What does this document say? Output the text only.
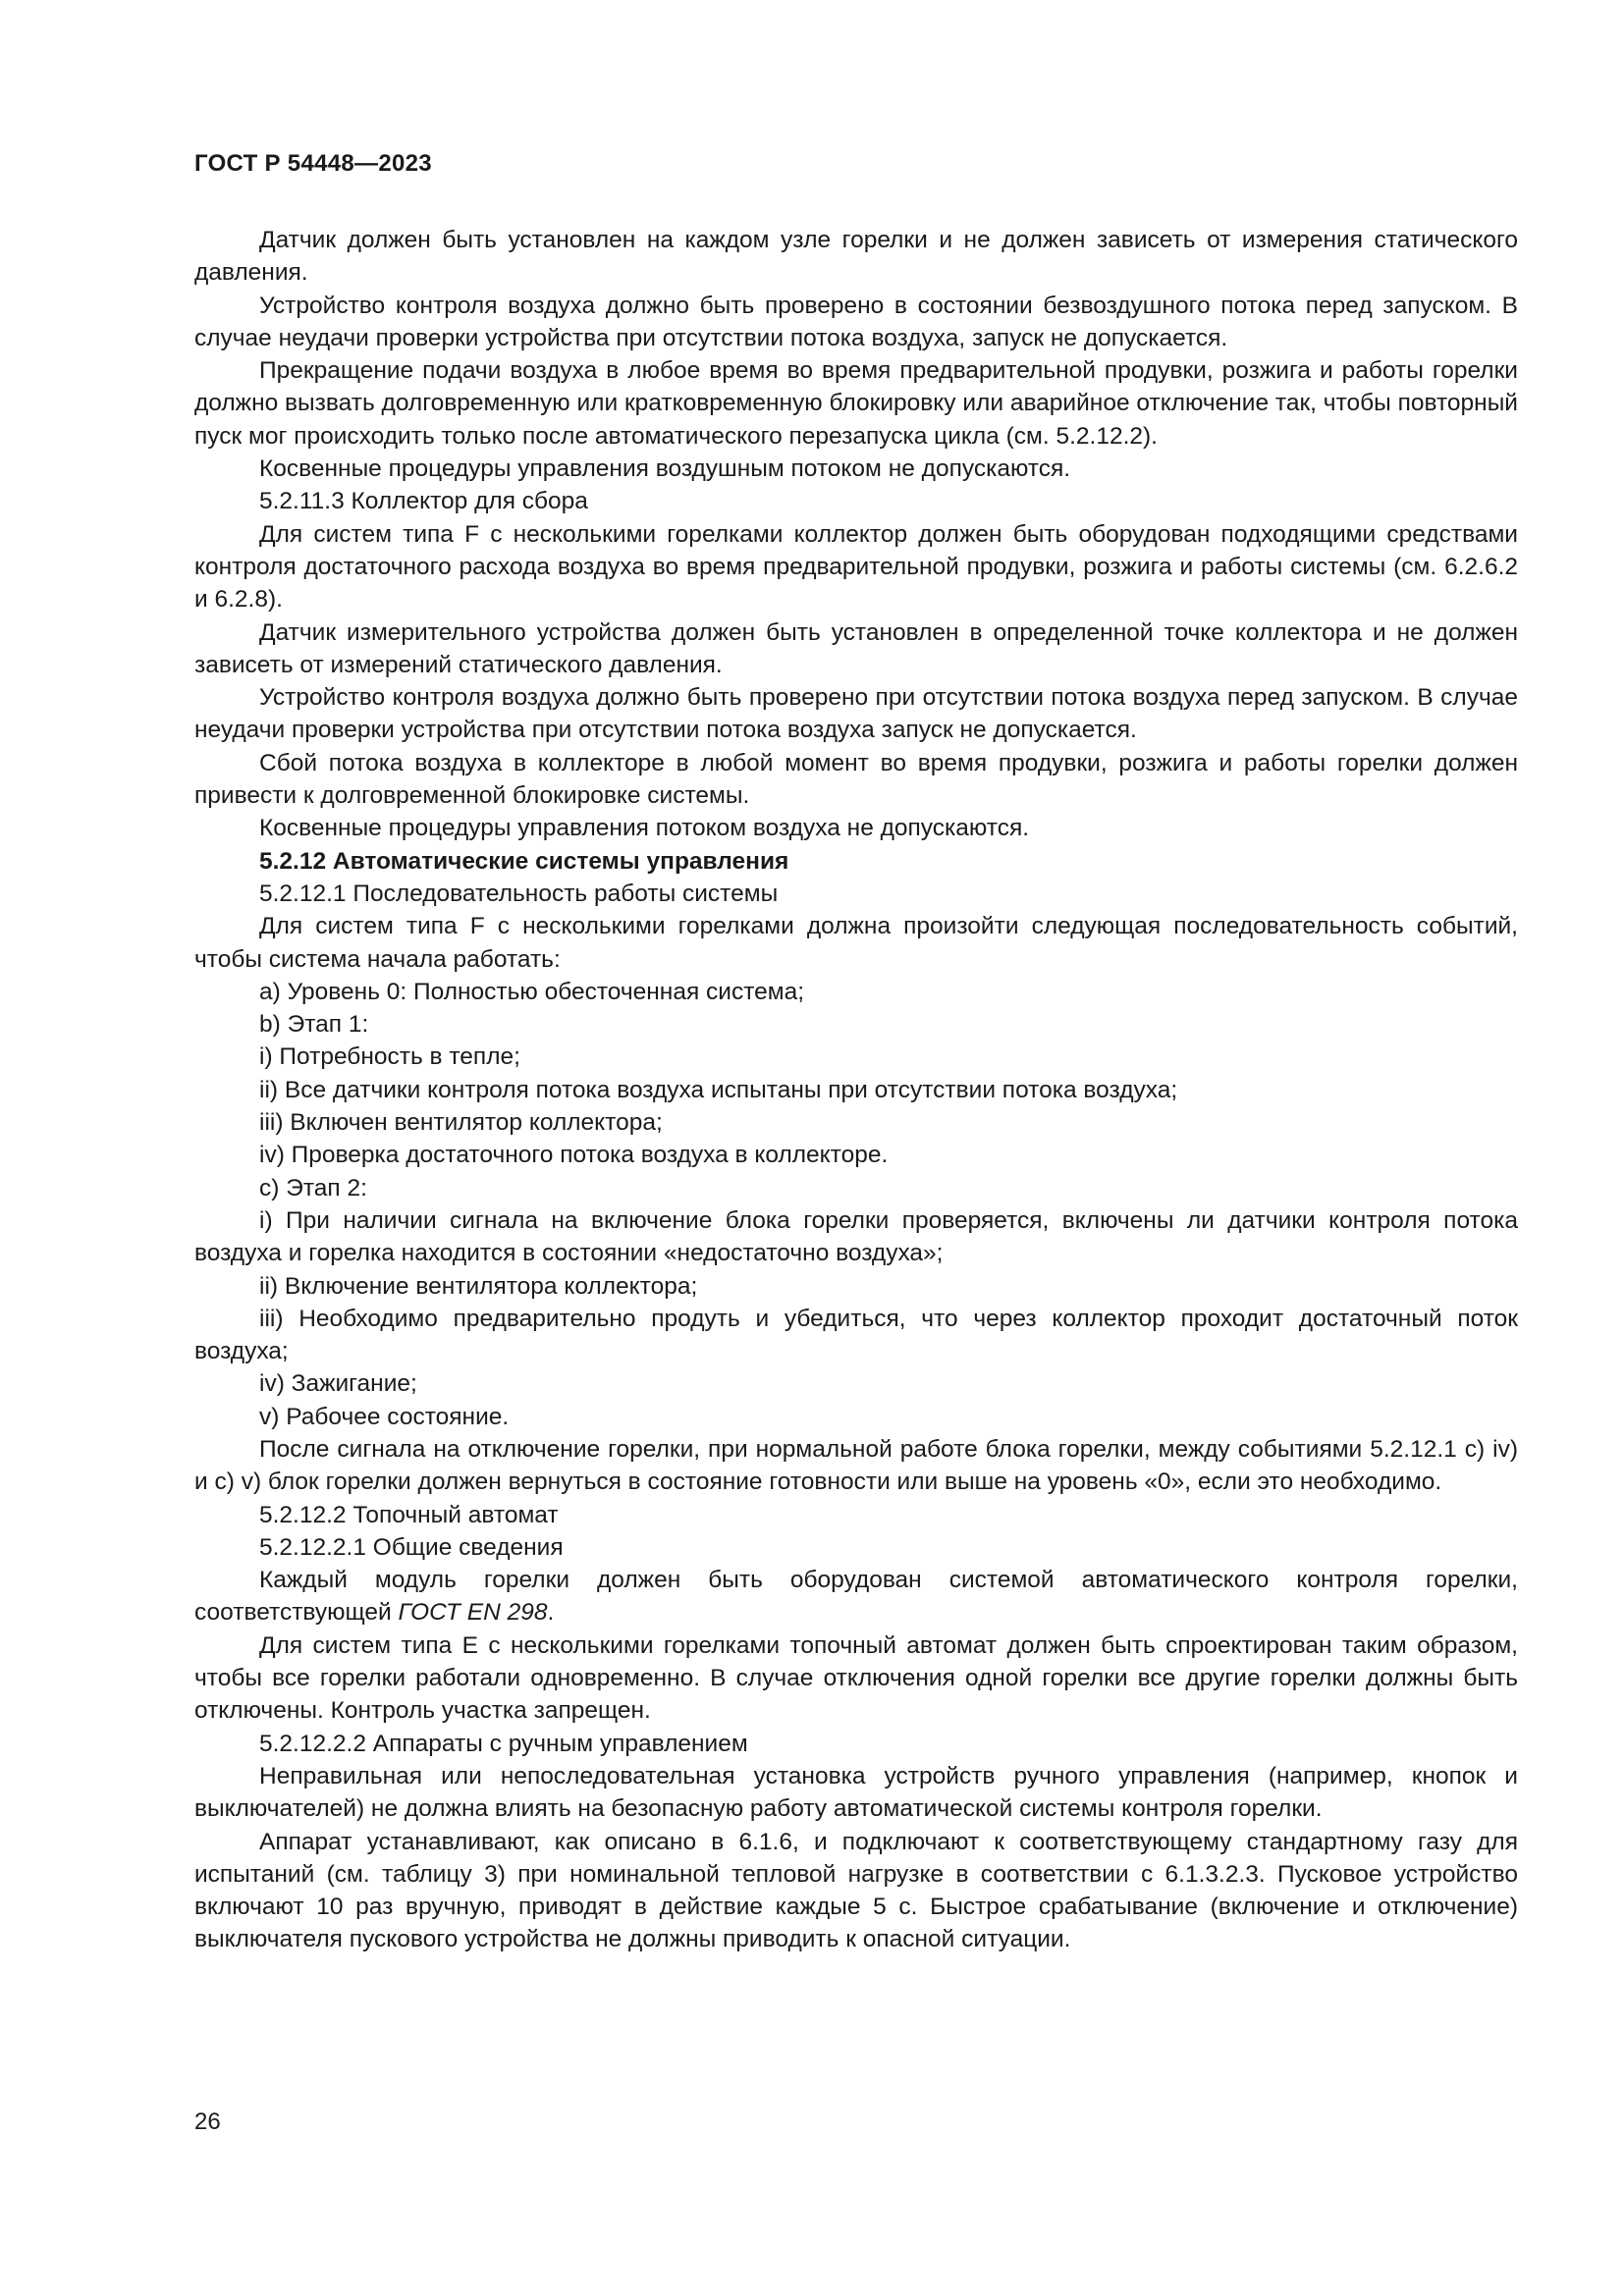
ГОСТ Р 54448—2023

Датчик должен быть установлен на каждом узле горелки и не должен зависеть от измерения статического давления.

Устройство контроля воздуха должно быть проверено в состоянии безвоздушного потока перед запуском. В случае неудачи проверки устройства при отсутствии потока воздуха, запуск не допускается.

Прекращение подачи воздуха в любое время во время предварительной продувки, розжига и работы горелки должно вызвать долговременную или кратковременную блокировку или аварийное отключение так, чтобы повторный пуск мог происходить только после автоматического перезапуска цикла (см. 5.2.12.2).

Косвенные процедуры управления воздушным потоком не допускаются.

5.2.11.3 Коллектор для сбора

Для систем типа F с несколькими горелками коллектор должен быть оборудован подходящими средствами контроля достаточного расхода воздуха во время предварительной продувки, розжига и работы системы (см. 6.2.6.2 и 6.2.8).

Датчик измерительного устройства должен быть установлен в определенной точке коллектора и не должен зависеть от измерений статического давления.

Устройство контроля воздуха должно быть проверено при отсутствии потока воздуха перед запуском. В случае неудачи проверки устройства при отсутствии потока воздуха запуск не допускается.

Сбой потока воздуха в коллекторе в любой момент во время продувки, розжига и работы горелки должен привести к долговременной блокировке системы.

Косвенные процедуры управления потоком воздуха не допускаются.

5.2.12 Автоматические системы управления

5.2.12.1 Последовательность работы системы

Для систем типа F с несколькими горелками должна произойти следующая последовательность событий, чтобы система начала работать:

a) Уровень 0: Полностью обесточенная система;

b) Этап 1:

i) Потребность в тепле;

ii) Все датчики контроля потока воздуха испытаны при отсутствии потока воздуха;

iii) Включен вентилятор коллектора;

iv) Проверка достаточного потока воздуха в коллекторе.

c) Этап 2:

i) При наличии сигнала на включение блока горелки проверяется, включены ли датчики контроля потока воздуха и горелка находится в состоянии «недостаточно воздуха»;

ii) Включение вентилятора коллектора;

iii) Необходимо предварительно продуть и убедиться, что через коллектор проходит достаточный поток воздуха;

iv) Зажигание;

v) Рабочее состояние.

После сигнала на отключение горелки, при нормальной работе блока горелки, между событиями 5.2.12.1 c) iv) и c) v) блок горелки должен вернуться в состояние готовности или выше на уровень «0», если это необходимо.

5.2.12.2 Топочный автомат

5.2.12.2.1 Общие сведения

Каждый модуль горелки должен быть оборудован системой автоматического контроля горелки, соответствующей ГОСТ EN 298.

Для систем типа E с несколькими горелками топочный автомат должен быть спроектирован таким образом, чтобы все горелки работали одновременно. В случае отключения одной горелки все другие горелки должны быть отключены. Контроль участка запрещен.

5.2.12.2.2 Аппараты с ручным управлением

Неправильная или непоследовательная установка устройств ручного управления (например, кнопок и выключателей) не должна влиять на безопасную работу автоматической системы контроля горелки.

Аппарат устанавливают, как описано в 6.1.6, и подключают к соответствующему стандартному газу для испытаний (см. таблицу 3) при номинальной тепловой нагрузке в соответствии с 6.1.3.2.3. Пусковое устройство включают 10 раз вручную, приводят в действие каждые 5 с. Быстрое срабатывание (включение и отключение) выключателя пускового устройства не должны приводить к опасной ситуации.

26
